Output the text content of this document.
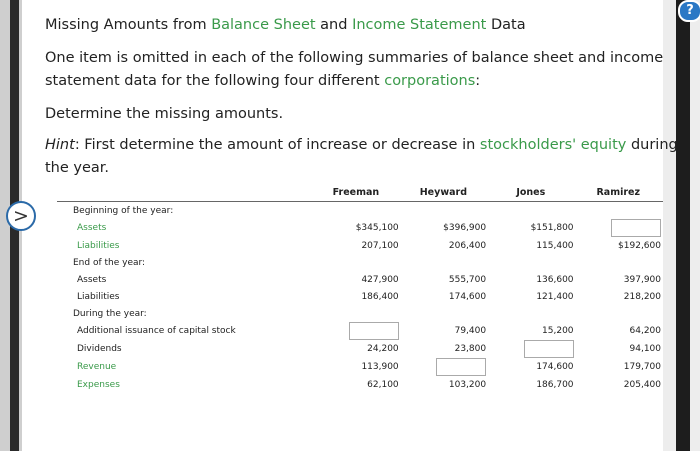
?
Missing Amounts from Balance Sheet and Income Statement Data
One item is omitted in each of the following summaries of balance sheet and income
statement data for the following four different corporations:
Determine the missing amounts.
Hint: First determine the amount of increase or decrease in stockholders' equity during
the year.
	Freeman	Heyward	Jones	Ramirez
Beginning of the year:				
Assets	$345,100	$396,900	$151,800	
Liabilities	207,100	206,400	115,400	$192,600
End of the year:				
Assets	427,900	555,700	136,600	397,900
Liabilities	186,400	174,600	121,400	218,200
During the year:				
Additional issuance of capital stock		79,400	15,200	64,200
Dividends	24,200	23,800		94,100
Revenue	113,900		174,600	179,700
Expenses	62,100	103,200	186,700	205,400
>
